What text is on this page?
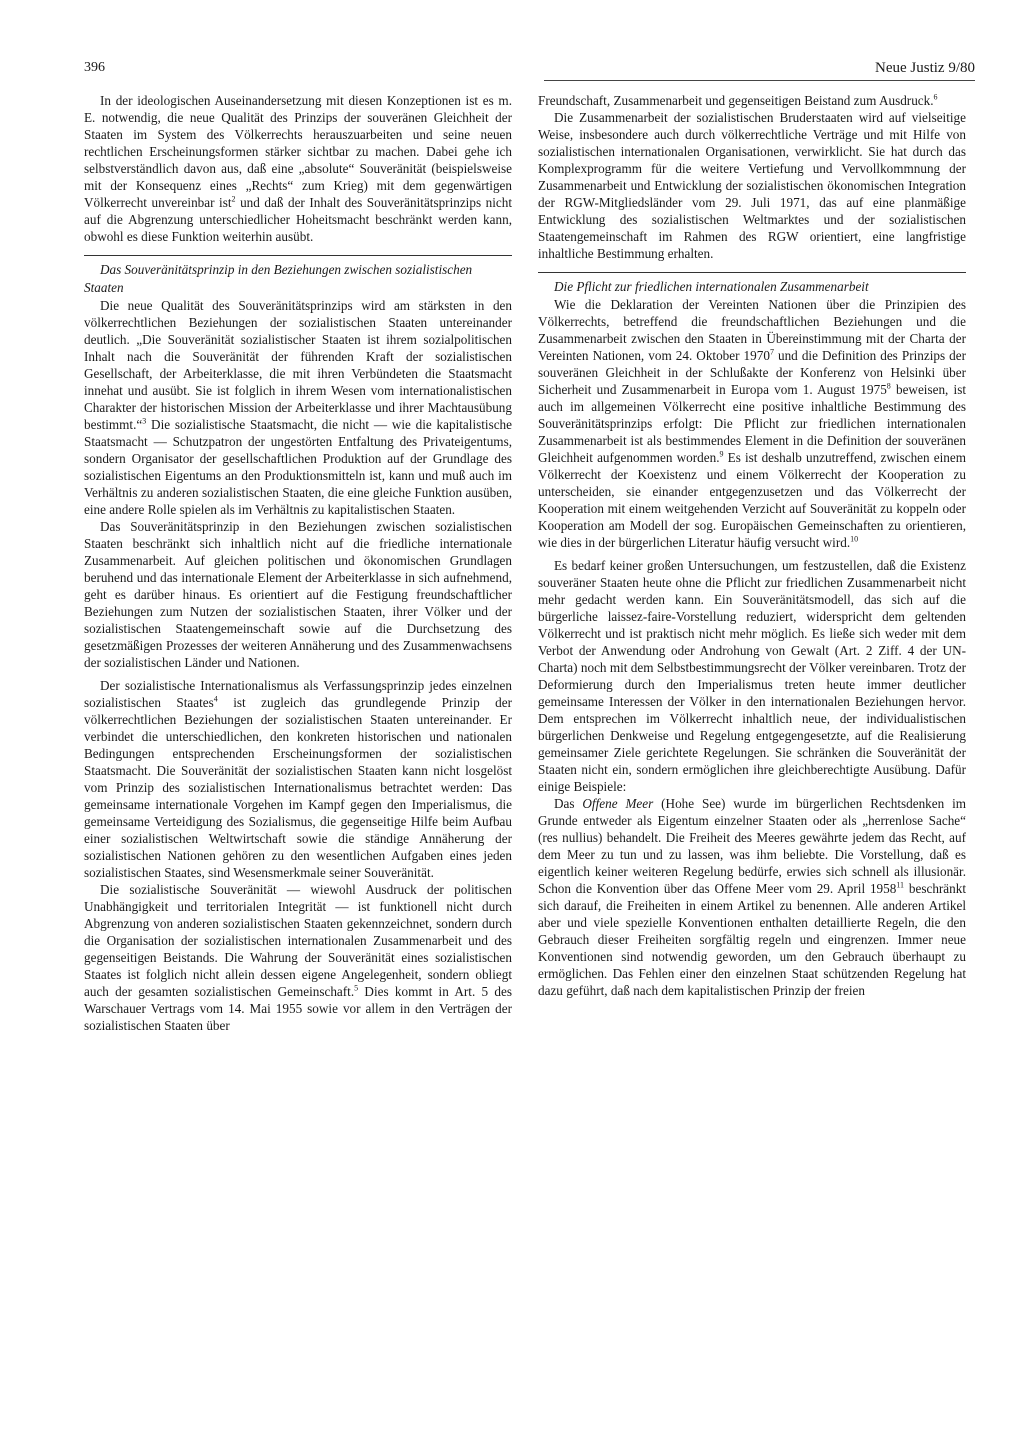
396	Neue Justiz 9/80

In der ideologischen Auseinandersetzung mit diesen Konzeptionen ist es m. E. notwendig, die neue Qualität des Prinzips der souveränen Gleichheit der Staaten im System des Völkerrechts herauszuarbeiten und seine neuen rechtlichen Erscheinungsformen stärker sichtbar zu machen. Dabei gehe ich selbstverständlich davon aus, daß eine „absolute“ Souveränität (beispielsweise mit der Konsequenz eines „Rechts“ zum Krieg) mit dem gegenwärtigen Völkerrecht unvereinbar ist$^2$ und daß der Inhalt des Souveränitätsprinzips nicht auf die Abgrenzung unterschiedlicher Hoheitsmacht beschränkt werden kann, obwohl es diese Funktion weiterhin ausübt.

Das Souveränitätsprinzip in den Beziehungen zwischen sozialistischen Staaten

Die neue Qualität des Souveränitätsprinzips wird am stärksten in den völkerrechtlichen Beziehungen der sozialistischen Staaten untereinander deutlich. „Die Souveränität sozialistischer Staaten ist ihrem sozialpolitischen Inhalt nach die Souveränität der führenden Kraft der sozialistischen Gesellschaft, der Arbeiterklasse, die mit ihren Verbündeten die Staatsmacht innehat und ausübt. Sie ist folglich in ihrem Wesen vom internationalistischen Charakter der historischen Mission der Arbeiterklasse und ihrer Machtausübung bestimmt.“$^3$ Die sozialistische Staatsmacht, die nicht — wie die kapitalistische Staatsmacht — Schutzpatron der ungestörten Entfaltung des Privateigentums, sondern Organisator der gesellschaftlichen Produktion auf der Grundlage des sozialistischen Eigentums an den Produktionsmitteln ist, kann und muß auch im Verhältnis zu anderen sozialistischen Staaten, die eine gleiche Funktion ausüben, eine andere Rolle spielen als im Verhältnis zu kapitalistischen Staaten.

Das Souveränitätsprinzip in den Beziehungen zwischen sozialistischen Staaten beschränkt sich inhaltlich nicht auf die friedliche internationale Zusammenarbeit. Auf gleichen politischen und ökonomischen Grundlagen beruhend und das internationale Element der Arbeiterklasse in sich aufnehmend, geht es darüber hinaus. Es orientiert auf die Festigung freundschaftlicher Beziehungen zum Nutzen der sozialistischen Staaten, ihrer Völker und der sozialistischen Staatengemeinschaft sowie auf die Durchsetzung des gesetzmäßigen Prozesses der weiteren Annäherung und des Zusammenwachsens der sozialistischen Länder und Nationen.

Der sozialistische Internationalismus als Verfassungsprinzip jedes einzelnen sozialistischen Staates$^4$ ist zugleich das grundlegende Prinzip der völkerrechtlichen Beziehungen der sozialistischen Staaten untereinander. Er verbindet die unterschiedlichen, den konkreten historischen und nationalen Bedingungen entsprechenden Erscheinungsformen der sozialistischen Staatsmacht. Die Souveränität der sozialistischen Staaten kann nicht losgelöst vom Prinzip des sozialistischen Internationalismus betrachtet werden: Das gemeinsame internationale Vorgehen im Kampf gegen den Imperialismus, die gemeinsame Verteidigung des Sozialismus, die gegenseitige Hilfe beim Aufbau einer sozialistischen Weltwirtschaft sowie die ständige Annäherung der sozialistischen Nationen gehören zu den wesentlichen Aufgaben eines jeden sozialistischen Staates, sind Wesensmerkmale seiner Souveränität.

Die sozialistische Souveränität — wiewohl Ausdruck der politischen Unabhängigkeit und territorialen Integrität — ist funktionell nicht durch Abgrenzung von anderen sozialistischen Staaten gekennzeichnet, sondern durch die Organisation der sozialistischen internationalen Zusammenarbeit und des gegenseitigen Beistands. Die Wahrung der Souveränität eines sozialistischen Staates ist folglich nicht allein dessen eigene Angelegenheit, sondern obliegt auch der gesamten sozialistischen Gemeinschaft.$^5$ Dies kommt in Art. 5 des Warschauer Vertrags vom 14. Mai 1955 sowie vor allem in den Verträgen der sozialistischen Staaten über

Freundschaft, Zusammenarbeit und gegenseitigen Beistand zum Ausdruck.$^6$

Die Zusammenarbeit der sozialistischen Bruderstaaten wird auf vielseitige Weise, insbesondere auch durch völkerrechtliche Verträge und mit Hilfe von sozialistischen internationalen Organisationen, verwirklicht. Sie hat durch das Komplexprogramm für die weitere Vertiefung und Vervollkommnung der Zusammenarbeit und Entwicklung der sozialistischen ökonomischen Integration der RGW-Mitgliedsländer vom 29. Juli 1971, das auf eine planmäßige Entwicklung des sozialistischen Weltmarktes und der sozialistischen Staatengemeinschaft im Rahmen des RGW orientiert, eine langfristige inhaltliche Bestimmung erhalten.

Die Pflicht zur friedlichen internationalen Zusammenarbeit

Wie die Deklaration der Vereinten Nationen über die Prinzipien des Völkerrechts, betreffend die freundschaftlichen Beziehungen und die Zusammenarbeit zwischen den Staaten in Übereinstimmung mit der Charta der Vereinten Nationen, vom 24. Oktober 1970$^7$ und die Definition des Prinzips der souveränen Gleichheit in der Schlußakte der Konferenz von Helsinki über Sicherheit und Zusammenarbeit in Europa vom 1. August 1975$^8$ beweisen, ist auch im allgemeinen Völkerrecht eine positive inhaltliche Bestimmung des Souveränitätsprinzips erfolgt: Die Pflicht zur friedlichen internationalen Zusammenarbeit ist als bestimmendes Element in die Definition der souveränen Gleichheit aufgenommen worden.$^9$ Es ist deshalb unzutreffend, zwischen einem Völkerrecht der Koexistenz und einem Völkerrecht der Kooperation zu unterscheiden, sie einander entgegenzusetzen und das Völkerrecht der Kooperation mit einem weitgehenden Verzicht auf Souveränität zu koppeln oder Kooperation am Modell der sog. Europäischen Gemeinschaften zu orientieren, wie dies in der bürgerlichen Literatur häufig versucht wird.$^{10}$

Es bedarf keiner großen Untersuchungen, um festzustellen, daß die Existenz souveräner Staaten heute ohne die Pflicht zur friedlichen Zusammenarbeit nicht mehr gedacht werden kann. Ein Souveränitätsmodell, das sich auf die bürgerliche laissez-faire-Vorstellung reduziert, widerspricht dem geltenden Völkerrecht und ist praktisch nicht mehr möglich. Es ließe sich weder mit dem Verbot der Anwendung oder Androhung von Gewalt (Art. 2 Ziff. 4 der UN-Charta) noch mit dem Selbstbestimmungsrecht der Völker vereinbaren. Trotz der Deformierung durch den Imperialismus treten heute immer deutlicher gemeinsame Interessen der Völker in den internationalen Beziehungen hervor. Dem entsprechen im Völkerrecht inhaltlich neue, der individualistischen bürgerlichen Denkweise und Regelung entgegengesetzte, auf die Realisierung gemeinsamer Ziele gerichtete Regelungen. Sie schränken die Souveränität der Staaten nicht ein, sondern ermöglichen ihre gleichberechtigte Ausübung. Dafür einige Beispiele:

Das Offene Meer (Hohe See) wurde im bürgerlichen Rechtsdenken im Grunde entweder als Eigentum einzelner Staaten oder als „herrenlose Sache“ (res nullius) behandelt. Die Freiheit des Meeres gewährte jedem das Recht, auf dem Meer zu tun und zu lassen, was ihm beliebte. Die Vorstellung, daß es eigentlich keiner weiteren Regelung bedürfe, erwies sich schnell als illusionär. Schon die Konvention über das Offene Meer vom 29. April 1958$^{11}$ beschränkt sich darauf, die Freiheiten in einem Artikel zu benennen. Alle anderen Artikel aber und viele spezielle Konventionen enthalten detaillierte Regeln, die den Gebrauch dieser Freiheiten sorgfältig regeln und eingrenzen. Immer neue Konventionen sind notwendig geworden, um den Gebrauch überhaupt zu ermöglichen. Das Fehlen einer den einzelnen Staat schützenden Regelung hat dazu geführt, daß nach dem kapitalistischen Prinzip der freien
